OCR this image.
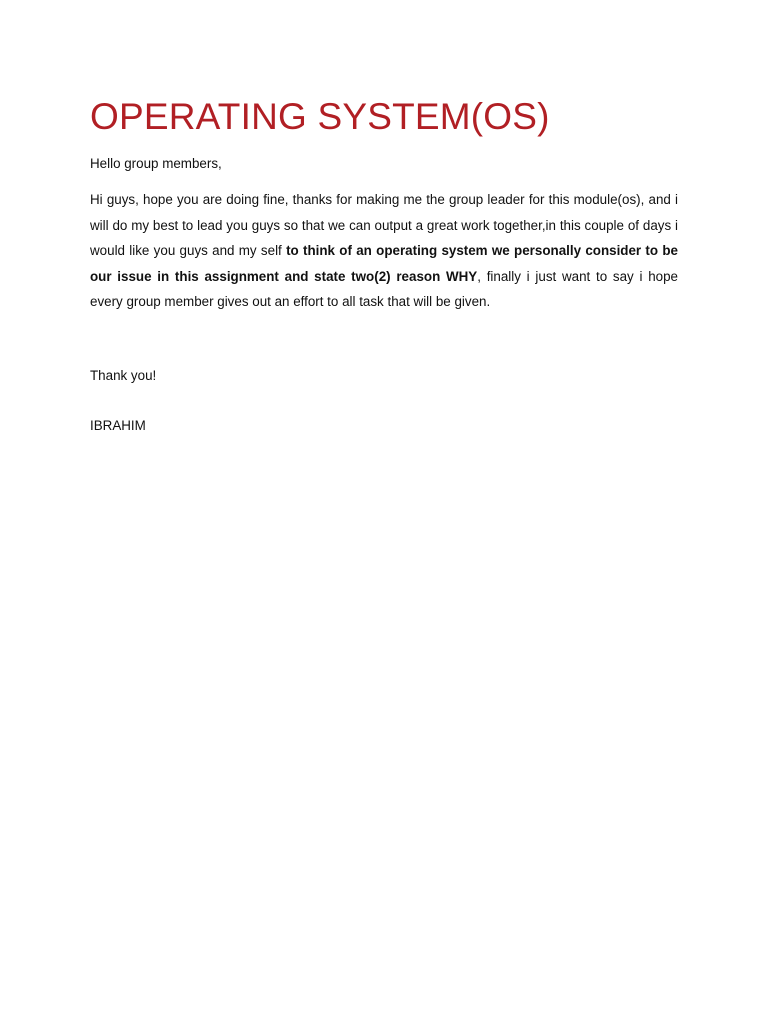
OPERATING SYSTEM(OS)

Hello group members,

Hi guys, hope you are doing fine, thanks for making me the group leader for this module(os), and i will do my best to lead you guys so that we can output a great work together,in this couple of days i would like you guys and my self to think of an operating system we personally consider to be our issue in this assignment and state two(2) reason WHY, finally i just want to say i hope every group member gives out an effort to all task that will be given.

Thank you!

IBRAHIM
